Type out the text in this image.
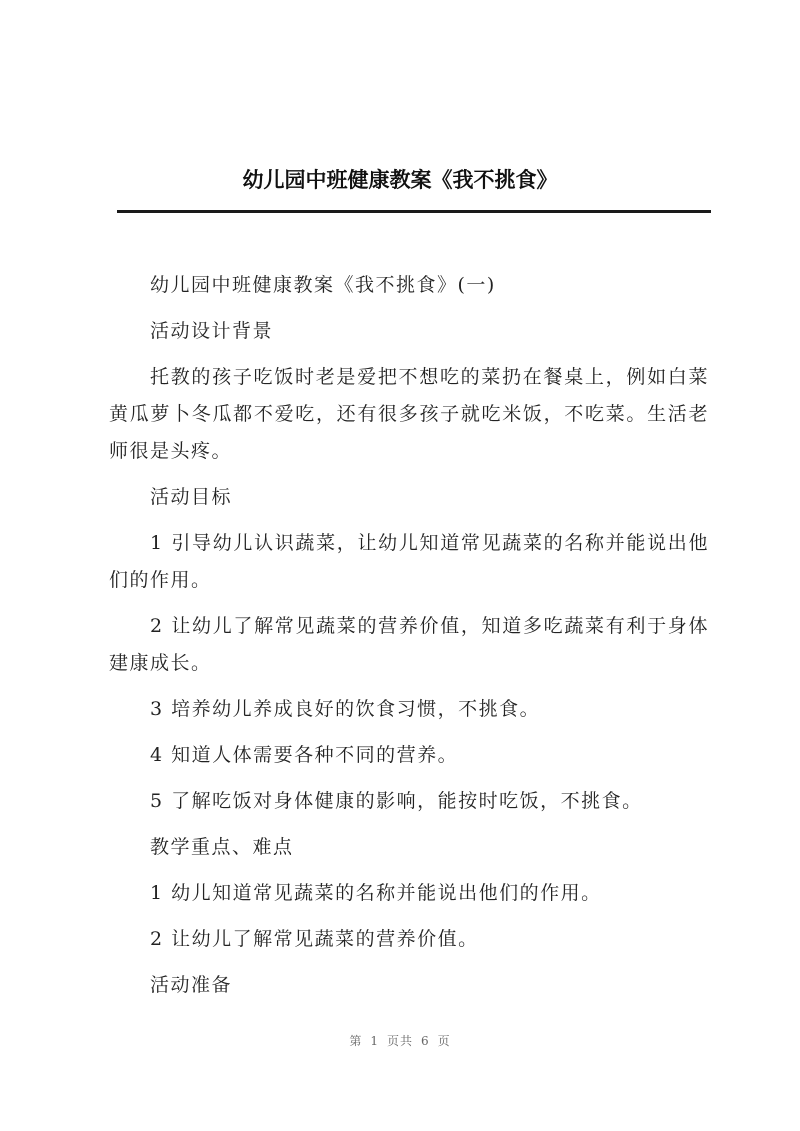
幼儿园中班健康教案《我不挑食》

幼儿园中班健康教案《我不挑食》(一)

活动设计背景

托教的孩子吃饭时老是爱把不想吃的菜扔在餐桌上，例如白菜黄瓜萝卜冬瓜都不爱吃，还有很多孩子就吃米饭，不吃菜。生活老师很是头疼。

活动目标

1 引导幼儿认识蔬菜，让幼儿知道常见蔬菜的名称并能说出他们的作用。

2 让幼儿了解常见蔬菜的营养价值，知道多吃蔬菜有利于身体建康成长。

3 培养幼儿养成良好的饮食习惯，不挑食。

4 知道人体需要各种不同的营养。

5 了解吃饭对身体健康的影响，能按时吃饭，不挑食。

教学重点、难点

1 幼儿知道常见蔬菜的名称并能说出他们的作用。

2 让幼儿了解常见蔬菜的营养价值。

活动准备

第 1 页共 6 页
